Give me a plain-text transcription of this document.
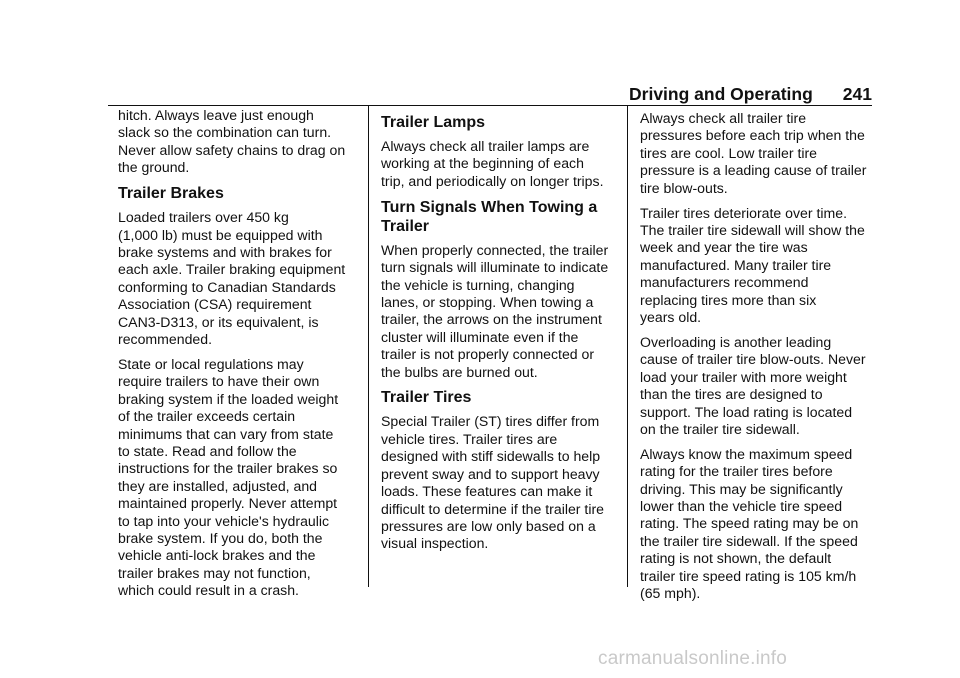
Driving and Operating 241

hitch. Always leave just enough
slack so the combination can turn.
Never allow safety chains to drag on
the ground.

Trailer Brakes

Loaded trailers over 450 kg
(1,000 lb) must be equipped with
brake systems and with brakes for
each axle. Trailer braking equipment
conforming to Canadian Standards
Association (CSA) requirement
CAN3-D313, or its equivalent, is
recommended.

State or local regulations may
require trailers to have their own
braking system if the loaded weight
of the trailer exceeds certain
minimums that can vary from state
to state. Read and follow the
instructions for the trailer brakes so
they are installed, adjusted, and
maintained properly. Never attempt
to tap into your vehicle's hydraulic
brake system. If you do, both the
vehicle anti-lock brakes and the
trailer brakes may not function,
which could result in a crash.

Trailer Lamps

Always check all trailer lamps are
working at the beginning of each
trip, and periodically on longer trips.

Turn Signals When Towing a
Trailer

When properly connected, the trailer
turn signals will illuminate to indicate
the vehicle is turning, changing
lanes, or stopping. When towing a
trailer, the arrows on the instrument
cluster will illuminate even if the
trailer is not properly connected or
the bulbs are burned out.

Trailer Tires

Special Trailer (ST) tires differ from
vehicle tires. Trailer tires are
designed with stiff sidewalls to help
prevent sway and to support heavy
loads. These features can make it
difficult to determine if the trailer tire
pressures are low only based on a
visual inspection.

Always check all trailer tire
pressures before each trip when the
tires are cool. Low trailer tire
pressure is a leading cause of trailer
tire blow-outs.

Trailer tires deteriorate over time.
The trailer tire sidewall will show the
week and year the tire was
manufactured. Many trailer tire
manufacturers recommend
replacing tires more than six
years old.

Overloading is another leading
cause of trailer tire blow-outs. Never
load your trailer with more weight
than the tires are designed to
support. The load rating is located
on the trailer tire sidewall.

Always know the maximum speed
rating for the trailer tires before
driving. This may be significantly
lower than the vehicle tire speed
rating. The speed rating may be on
the trailer tire sidewall. If the speed
rating is not shown, the default
trailer tire speed rating is 105 km/h
(65 mph).

carmanualsonline.info
